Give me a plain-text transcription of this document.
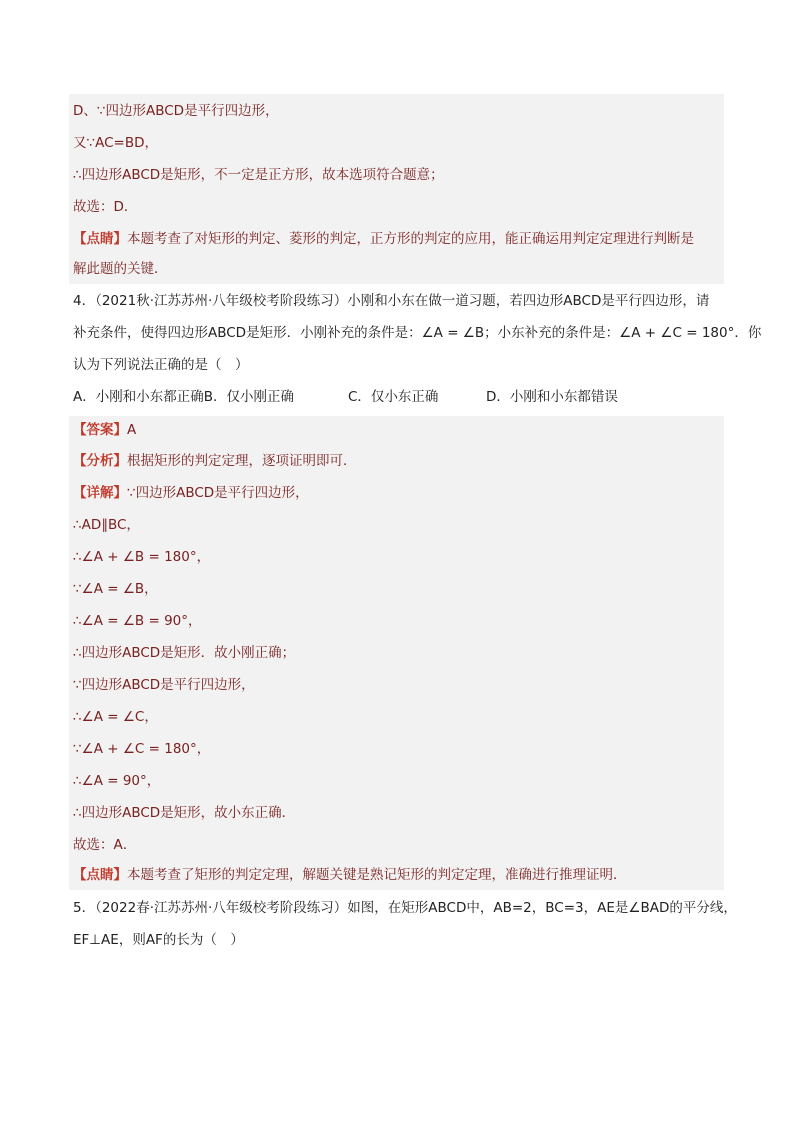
D、∵四边形ABCD是平行四边形，
又∵AC=BD，
∴四边形ABCD是矩形，不一定是正方形，故本选项符合题意；
故选：D．
【点睛】本题考查了对矩形的判定、菱形的判定，正方形的判定的应用，能正确运用判定定理进行判断是
解此题的关键．
4．（2021秋·江苏苏州·八年级校考阶段练习）小刚和小东在做一道习题，若四边形ABCD是平行四边形，请
补充条件，使得四边形ABCD是矩形．小刚补充的条件是：∠A = ∠B；小东补充的条件是：∠A + ∠C = 180°．你
认为下列说法正确的是（　）
A．小刚和小东都正确B．仅小刚正确	C．仅小东正确	D．小刚和小东都错误
【答案】A
【分析】根据矩形的判定定理，逐项证明即可．
【详解】∵四边形ABCD是平行四边形，
∴AD∥BC，
∴∠A + ∠B = 180°，
∵∠A = ∠B，
∴∠A = ∠B = 90°，
∴四边形ABCD是矩形．故小刚正确；
∵四边形ABCD是平行四边形，
∴∠A = ∠C，
∵∠A + ∠C = 180°，
∴∠A = 90°，
∴四边形ABCD是矩形，故小东正确．
故选：A．
【点睛】本题考查了矩形的判定定理，解题关键是熟记矩形的判定定理，准确进行推理证明．
5．（2022春·江苏苏州·八年级校考阶段练习）如图，在矩形ABCD中，AB=2，BC=3，AE是∠BAD的平分线，
EF⊥AE，则AF的长为（　）
